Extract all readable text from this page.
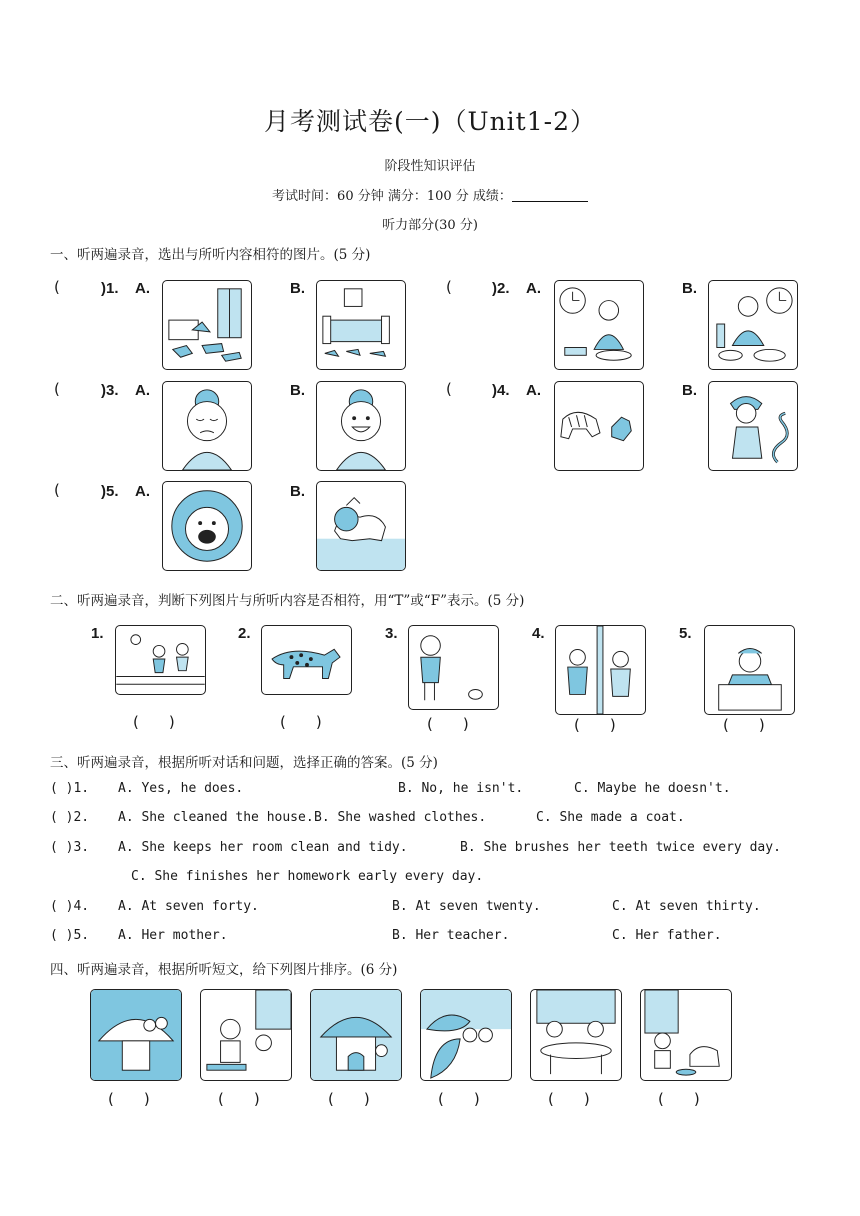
月考测试卷(一)（Unit1-2）
阶段性知识评估
考试时间：60 分钟 满分：100 分 成绩：
听力部分(30 分)
一、听两遍录音，选出与所听内容相符的图片。(5 分)
(	)1. A.	B.	(	)2. A.	B.
(	)3. A.	B.	(	)4. A.	B.
(	)5. A.	B.
二、听两遍录音，判断下列图片与所听内容是否相符，用“T”或“F”表示。(5 分)
1.
(　　)
2.
(　　)
3.
(　　)
4.
(　　)
5.
(　　)
三、听两遍录音，根据所听对话和问题，选择正确的答案。(5 分)
( )1. A. Yes, he does.	B. No, he isn't.	C. Maybe he doesn't.
( )2. A. She cleaned the house. B. She washed clothes.	C. She made a coat.
( )3. A. She keeps her room clean and tidy.	B. She brushes her teeth twice every day.
C. She finishes her homework early every day.
( )4. A. At seven forty.	B. At seven twenty.	C. At seven thirty.
( )5. A. Her mother.	B. Her teacher.	C. Her father.
四、听两遍录音，根据所听短文，给下列图片排序。(6 分)
(　　)	(　　)	(　　)	(　　)	(　　)	(　　)
